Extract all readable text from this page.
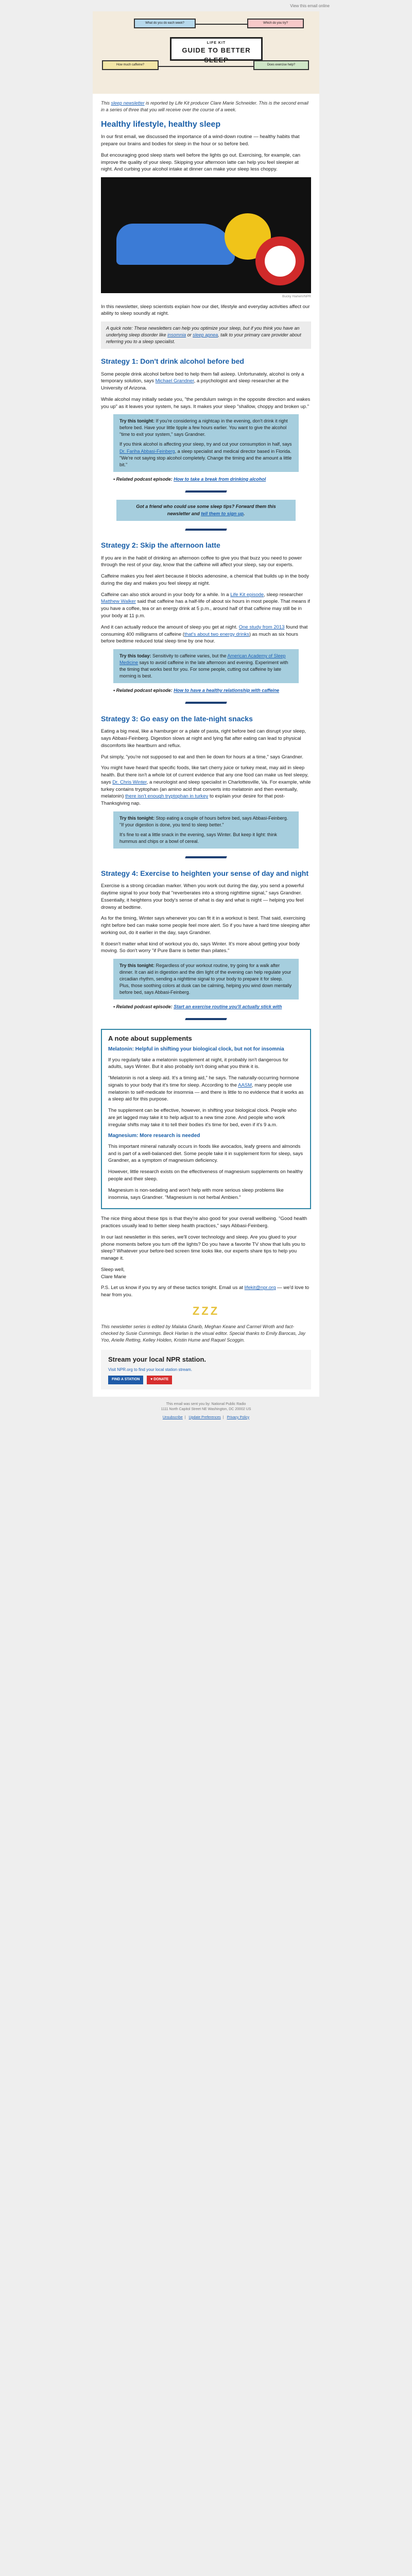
View this email online
What do you do each week?	Which do you try?
LIFE KIT
GUIDE TO BETTER SLEEP
How much caffeine?	Does exercise help?

This sleep newsletter is reported by Life Kit producer Clare Marie Schneider. This is the second email in a series of three that you will receive over the course of a week.

Healthy lifestyle, healthy sleep

In our first email, we discussed the importance of a wind-down routine — healthy habits that prepare our brains and bodies for sleep in the hour or so before bed.

But encouraging good sleep starts well before the lights go out. Exercising, for example, can improve the quality of your sleep. Skipping your afternoon latte can help you feel sleepier at night. And curbing your alcohol intake at dinner can make your sleep less choppy.

Bucky Harlem/NPR

In this newsletter, sleep scientists explain how our diet, lifestyle and everyday activities affect our ability to sleep soundly at night.

A quick note: These newsletters can help you optimize your sleep, but if you think you have an underlying sleep disorder like insomnia or sleep apnea, talk to your primary care provider about referring you to a sleep specialist.
Strategy 1: Don't drink alcohol before bed

Some people drink alcohol before bed to help them fall asleep. Unfortunately, alcohol is only a temporary solution, says Michael Grandner, a psychologist and sleep researcher at the University of Arizona.

While alcohol may initially sedate you, "the pendulum swings in the opposite direction and wakes you up" as it leaves your system, he says. It makes your sleep "shallow, choppy and broken up."

Try this tonight: If you're considering a nightcap in the evening, don't drink it right before bed. Have your little tipple a few hours earlier. You want to give the alcohol "time to exit your system," says Grandner.

If you think alcohol is affecting your sleep, try and cut your consumption in half, says Dr. Fariha Abbasi-Feinberg, a sleep specialist and medical director based in Florida. "We're not saying stop alcohol completely. Change the timing and the amount a little bit."

• Related podcast episode: How to take a break from drinking alcohol
Got a friend who could use some sleep tips? Forward them this newsletter and tell them to sign up.
Strategy 2: Skip the afternoon latte

If you are in the habit of drinking an afternoon coffee to give you that buzz you need to power through the rest of your day, know that the caffeine will affect your sleep, say our experts.

Caffeine makes you feel alert because it blocks adenosine, a chemical that builds up in the body during the day and makes you feel sleepy at night.

Caffeine can also stick around in your body for a while. In a Life Kit episode, sleep researcher Matthew Walker said that caffeine has a half-life of about six hours in most people. That means if you have a coffee, tea or an energy drink at 5 p.m., around half of that caffeine may still be in your body at 11 p.m.

And it can actually reduce the amount of sleep you get at night. One study from 2013 found that consuming 400 milligrams of caffeine (that's about two energy drinks) as much as six hours before bedtime reduced total sleep time by one hour.

Try this today: Sensitivity to caffeine varies, but the American Academy of Sleep Medicine says to avoid caffeine in the late afternoon and evening. Experiment with the timing that works best for you. For some people, cutting out caffeine by late morning is best.

• Related podcast episode: How to have a healthy relationship with caffeine
Strategy 3: Go easy on the late-night snacks

Eating a big meal, like a hamburger or a plate of pasta, right before bed can disrupt your sleep, says Abbasi-Feinberg. Digestion slows at night and lying flat after eating can lead to physical discomforts like heartburn and reflux.

Put simply, "you're not supposed to eat and then lie down for hours at a time," says Grandner.

You might have heard that specific foods, like tart cherry juice or turkey meat, may aid in sleep health. But there isn't a whole lot of current evidence that any one food can make us feel sleepy, says Dr. Chris Winter, a neurologist and sleep specialist in Charlottesville, Va. For example, while turkey contains tryptophan (an amino acid that converts into melatonin and then eventually, melatonin) there isn't enough tryptophan in turkey to explain your desire for that post-Thanksgiving nap.

Try this tonight: Stop eating a couple of hours before bed, says Abbasi-Feinberg. "If your digestion is done, you tend to sleep better."

It's fine to eat a little snack in the evening, says Winter. But keep it light: think hummus and chips or a bowl of cereal.

Strategy 4: Exercise to heighten your sense of day and night

Exercise is a strong circadian marker. When you work out during the day, you send a powerful daytime signal to your body that "reverberates into a strong nighttime signal," says Grandner. Essentially, it heightens your body's sense of what is day and what is night — helping you feel drowsy at bedtime.

As for the timing, Winter says whenever you can fit it in a workout is best. That said, exercising right before bed can make some people feel more alert. So if you have a hard time sleeping after working out, do it earlier in the day, says Grandner.

It doesn't matter what kind of workout you do, says Winter. It's more about getting your body moving. So don't worry "if Pure Barre is better than pilates."

Try this tonight: Regardless of your workout routine, try going for a walk after dinner. It can aid in digestion and the dim light of the evening can help regulate your circadian rhythm, sending a nighttime signal to your body to prepare it for sleep. Plus, those soothing colors at dusk can be calming, helping you wind down mentally before bed, says Abbasi-Feinberg.

• Related podcast episode: Start an exercise routine you'll actually stick with
A note about supplements
Melatonin: Helpful in shifting your biological clock, but not for insomnia

If you regularly take a melatonin supplement at night, it probably isn't dangerous for adults, says Winter. But it also probably isn't doing what you think it is.

"Melatonin is not a sleep aid. It's a timing aid," he says. The naturally-occurring hormone signals to your body that it's time for sleep. According to the AASM, many people use melatonin to self-medicate for insomnia — and there is little to no evidence that it works as a sleep aid for this purpose.

The supplement can be effective, however, in shifting your biological clock. People who are jet lagged may take it to help adjust to a new time zone. And people who work irregular shifts may take it to tell their bodies it's time for bed, even if it's 9 a.m.

Magnesium: More research is needed

This important mineral naturally occurs in foods like avocados, leafy greens and almonds and is part of a well-balanced diet. Some people take it in supplement form for sleep, says Grandner, as a symptom of magnesium deficiency.

However, little research exists on the effectiveness of magnesium supplements on healthy people and their sleep.

Magnesium is non-sedating and won't help with more serious sleep problems like insomnia, says Grandner. "Magnesium is not herbal Ambien."

The nice thing about these tips is that they're also good for your overall wellbeing. "Good health practices usually lead to better sleep health practices," says Abbasi-Feinberg.

In our last newsletter in this series, we'll cover technology and sleep. Are you glued to your phone moments before you turn off the lights? Do you have a favorite TV show that lulls you to sleep? Whatever your before-bed screen time looks like, our experts share tips to help you manage it.

Sleep well,
Clare Marie

P.S. Let us know if you try any of these tactics tonight. Email us at lifekit@npr.org — we'd love to hear from you.

ZZZ

This newsletter series is edited by Malaka Gharib, Meghan Keane and Carmel Wroth and fact-checked by Susie Cummings. Beck Harlan is the visual editor. Special thanks to Emily Barocas, Jay Yoo, Arielle Retting, Kelley Holden, Kristin Hume and Raquel Scoggin.

Stream your local NPR station.
Visit NPR.org to find your local station stream.
FIND A STATION	♥ DONATE
This email was sent you by: National Public Radio
1111 North Capitol Street NE Washington, DC 20002 US
Unsubscribe | Update Preferences | Privacy Policy
